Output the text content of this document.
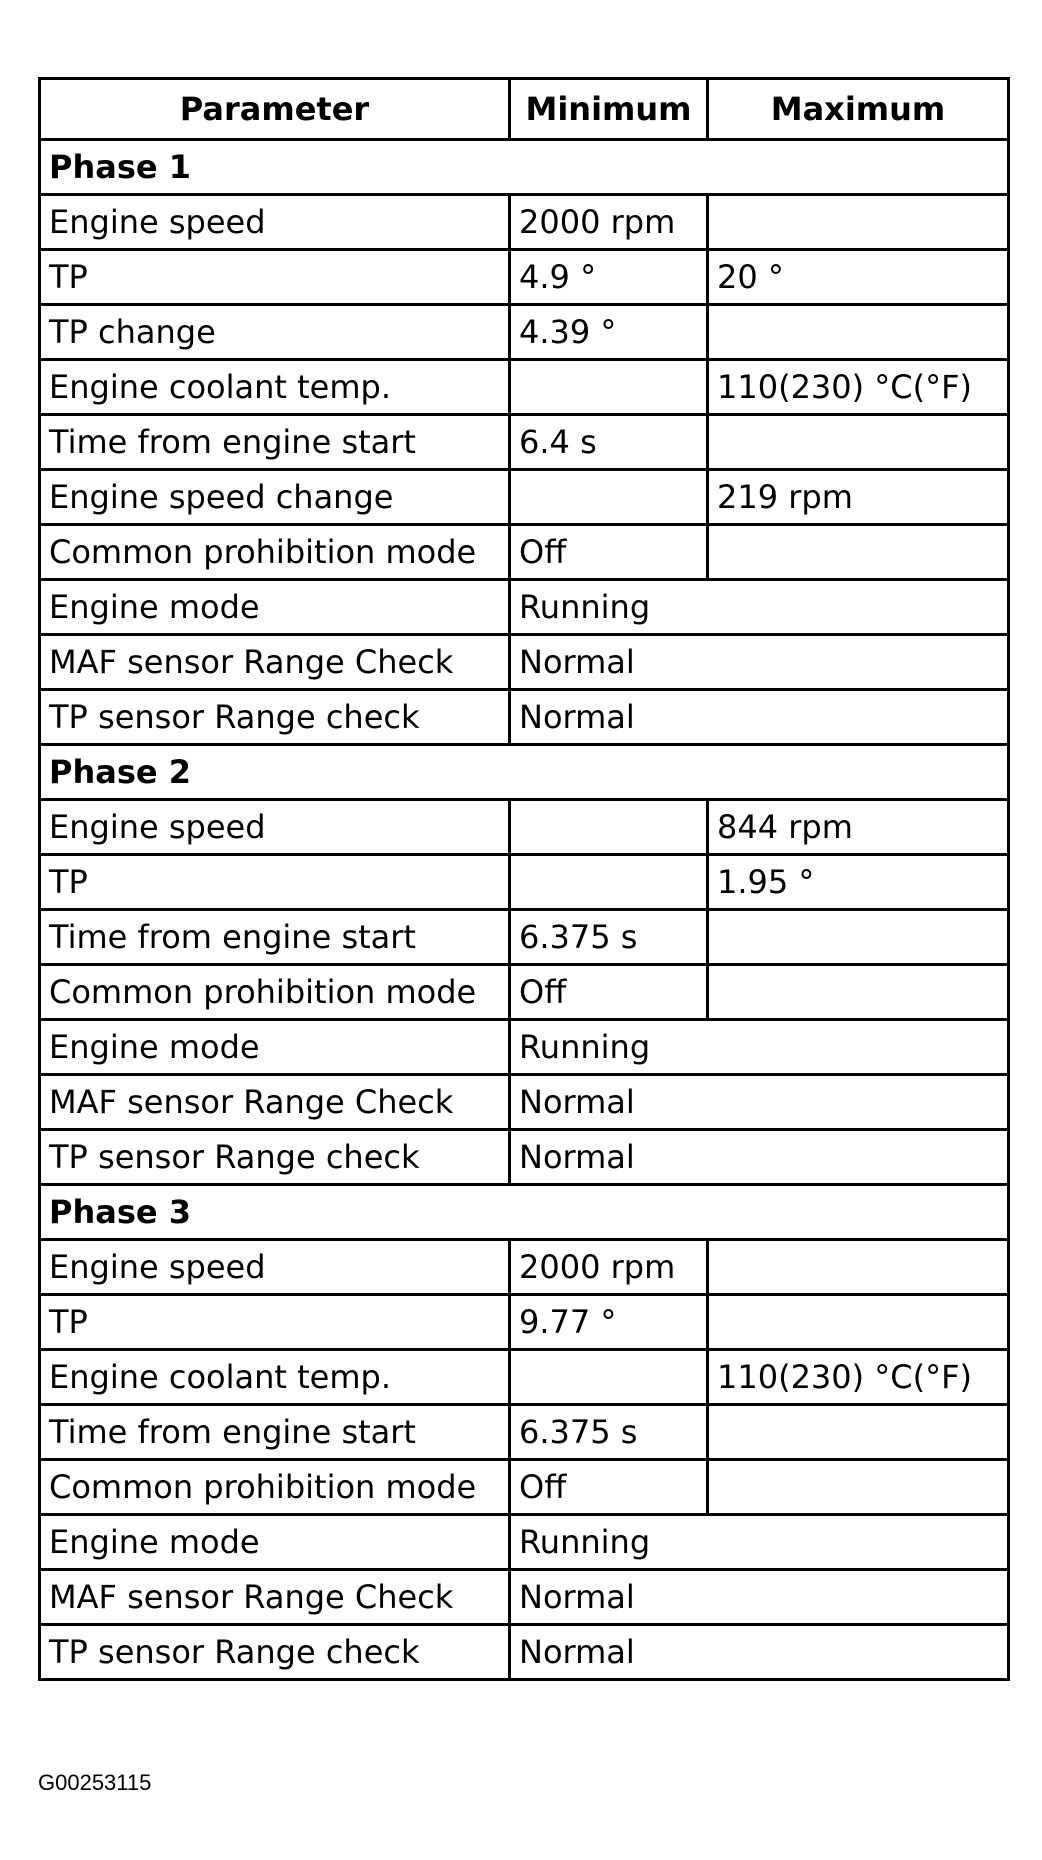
Parameter	Minimum	Maximum
Phase 1		
Engine speed	2000 rpm	
TP	4.9 °	20 °
TP change	4.39 °	
Engine coolant temp.		110(230) °C(°F)
Time from engine start	6.4 s	
Engine speed change		219 rpm
Common prohibition mode	Off	
Engine mode	Running	
MAF sensor Range Check	Normal	
TP sensor Range check	Normal	
Phase 2		
Engine speed		844 rpm
TP		1.95 °
Time from engine start	6.375 s	
Common prohibition mode	Off	
Engine mode	Running	
MAF sensor Range Check	Normal	
TP sensor Range check	Normal	
Phase 3		
Engine speed	2000 rpm	
TP	9.77 °	
Engine coolant temp.		110(230) °C(°F)
Time from engine start	6.375 s	
Common prohibition mode	Off	
Engine mode	Running	
MAF sensor Range Check	Normal	
TP sensor Range check	Normal	
G00253115
